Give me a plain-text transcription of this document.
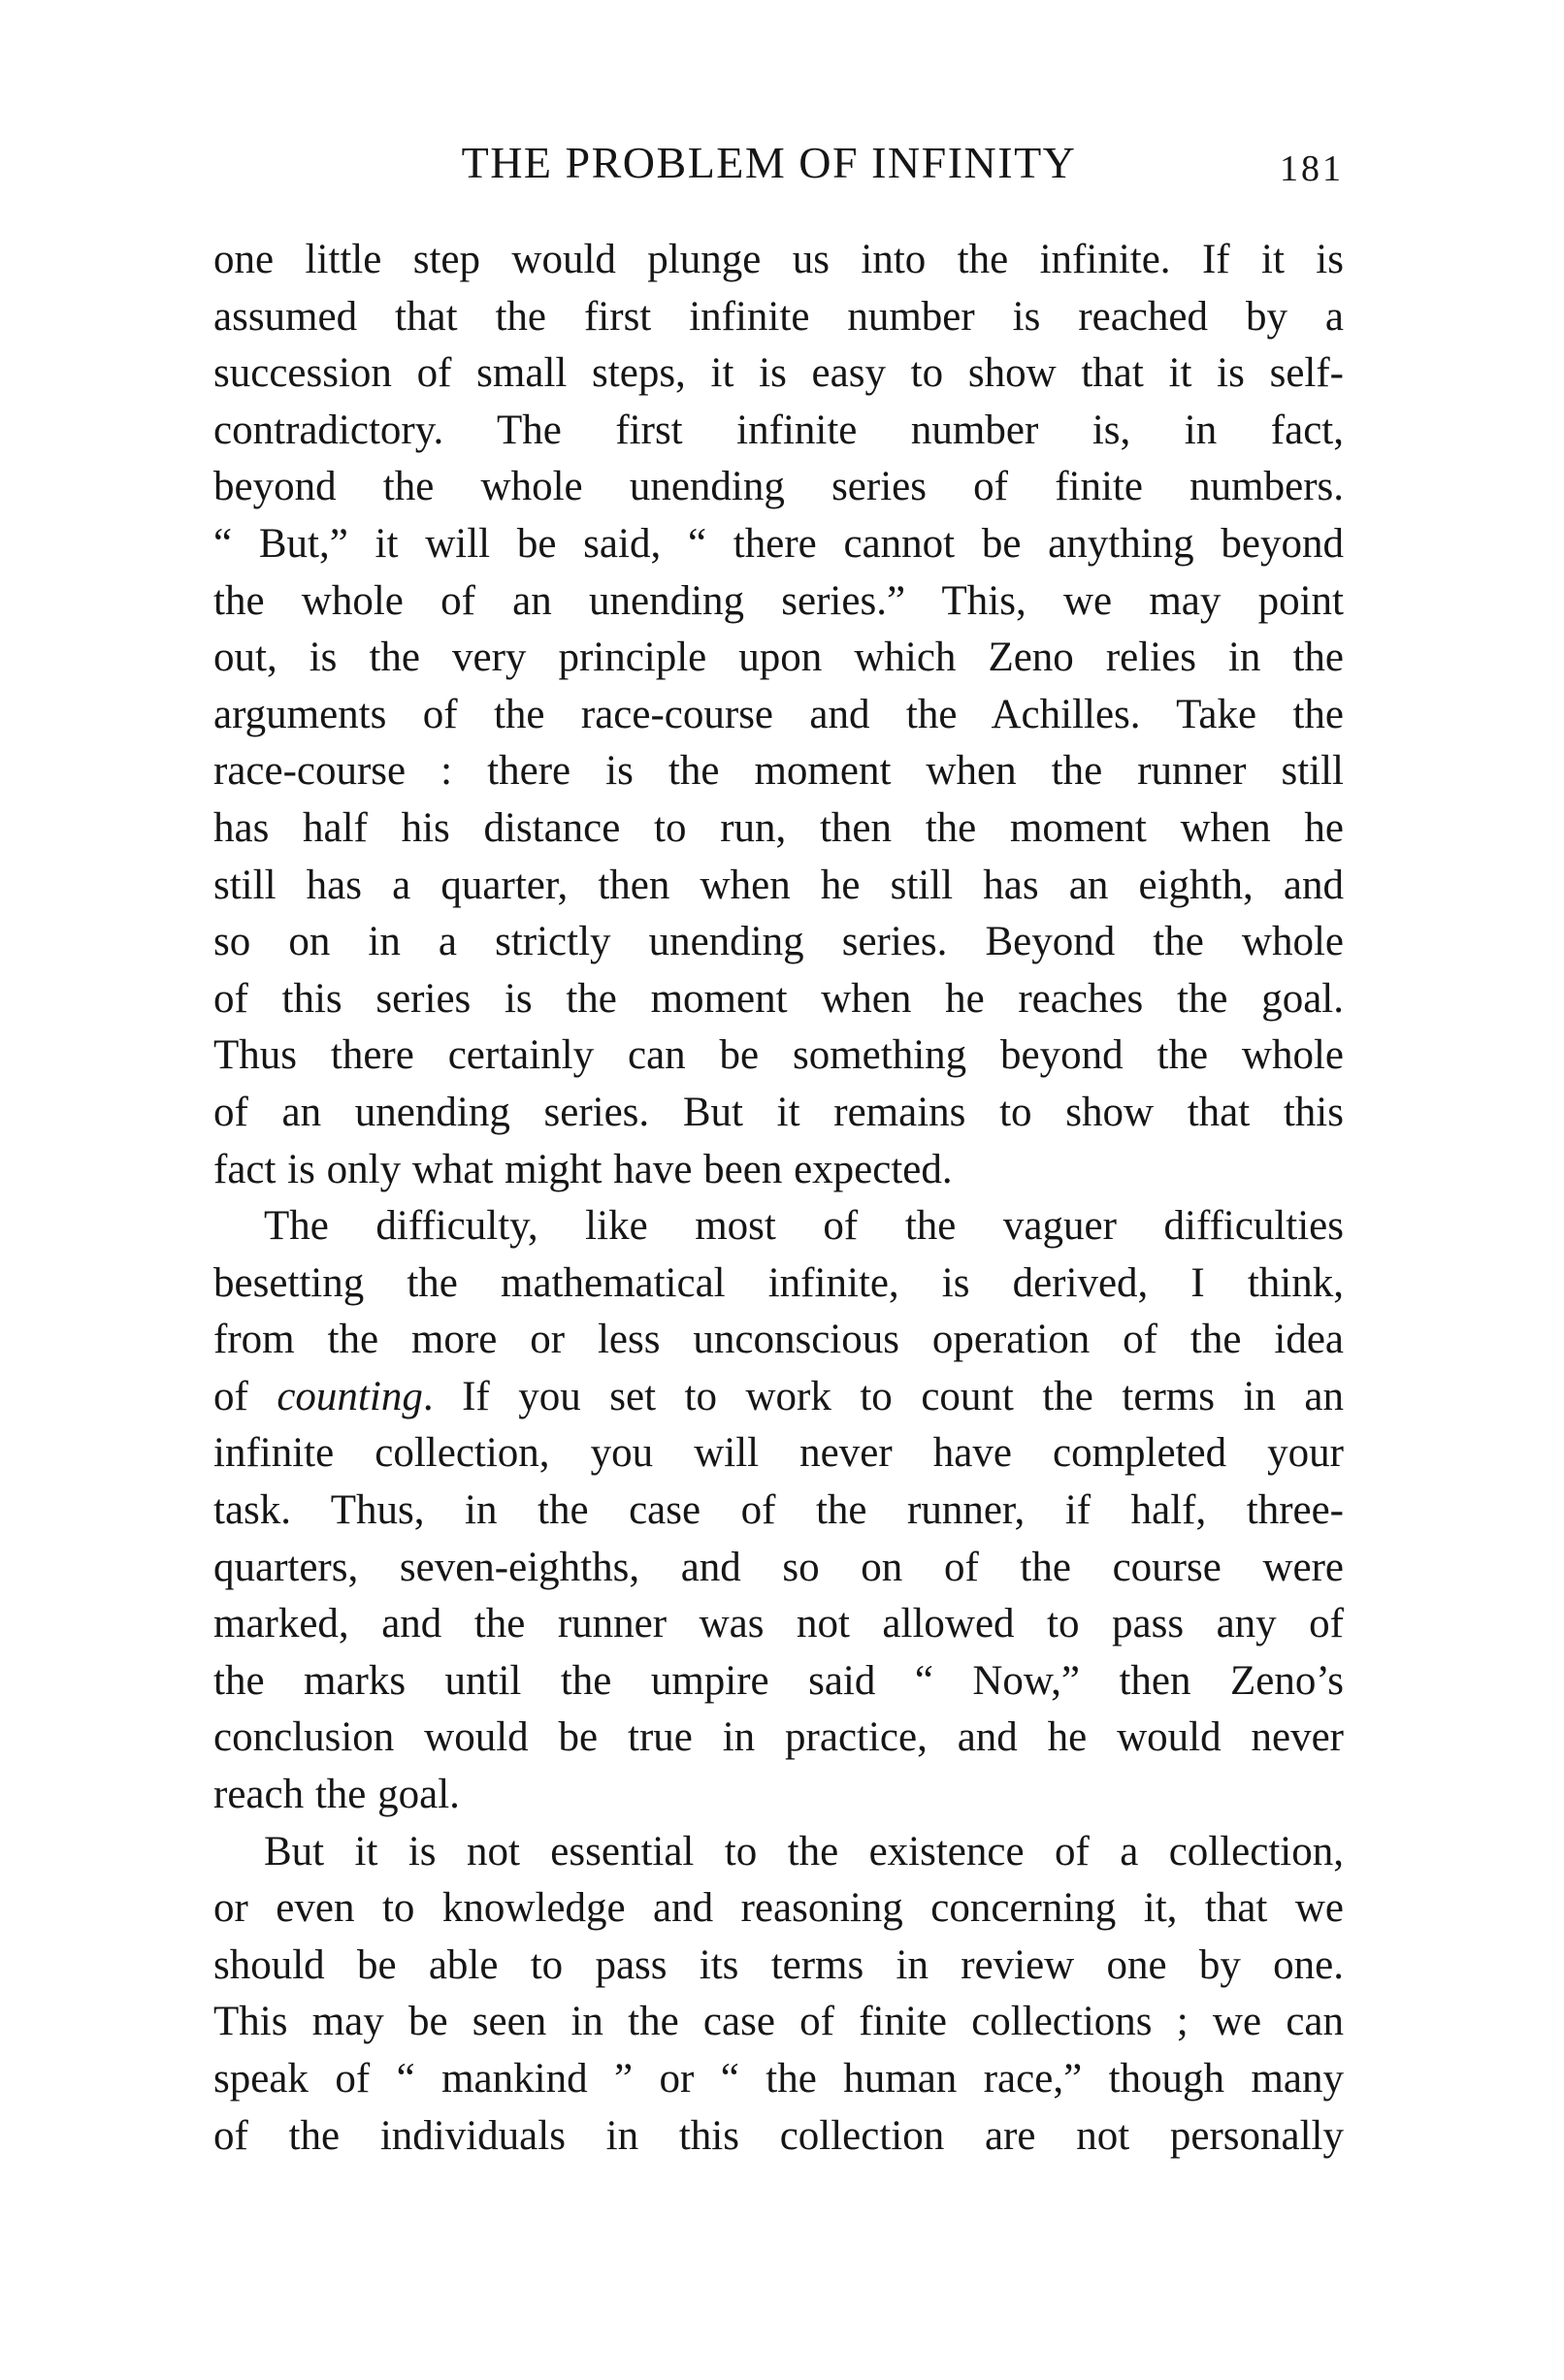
THE PROBLEM OF INFINITY	181
one little step would plunge us into the infinite. If it is
assumed that the first infinite number is reached by a
succession of small steps, it is easy to show that it is self-
contradictory. The first infinite number is, in fact,
beyond the whole unending series of finite numbers.
“ But,” it will be said, “ there cannot be anything beyond
the whole of an unending series.” This, we may point
out, is the very principle upon which Zeno relies in the
arguments of the race-course and the Achilles. Take the
race-course : there is the moment when the runner still
has half his distance to run, then the moment when he
still has a quarter, then when he still has an eighth, and
so on in a strictly unending series. Beyond the whole
of this series is the moment when he reaches the goal.
Thus there certainly can be something beyond the whole
of an unending series. But it remains to show that this
fact is only what might have been expected.
The difficulty, like most of the vaguer difficulties
besetting the mathematical infinite, is derived, I think,
from the more or less unconscious operation of the idea
of counting. If you set to work to count the terms in an
infinite collection, you will never have completed your
task. Thus, in the case of the runner, if half, three-
quarters, seven-eighths, and so on of the course were
marked, and the runner was not allowed to pass any of
the marks until the umpire said “ Now,” then Zeno’s
conclusion would be true in practice, and he would never
reach the goal.
But it is not essential to the existence of a collection,
or even to knowledge and reasoning concerning it, that we
should be able to pass its terms in review one by one.
This may be seen in the case of finite collections ; we can
speak of “ mankind ” or “ the human race,” though many
of the individuals in this collection are not personally
